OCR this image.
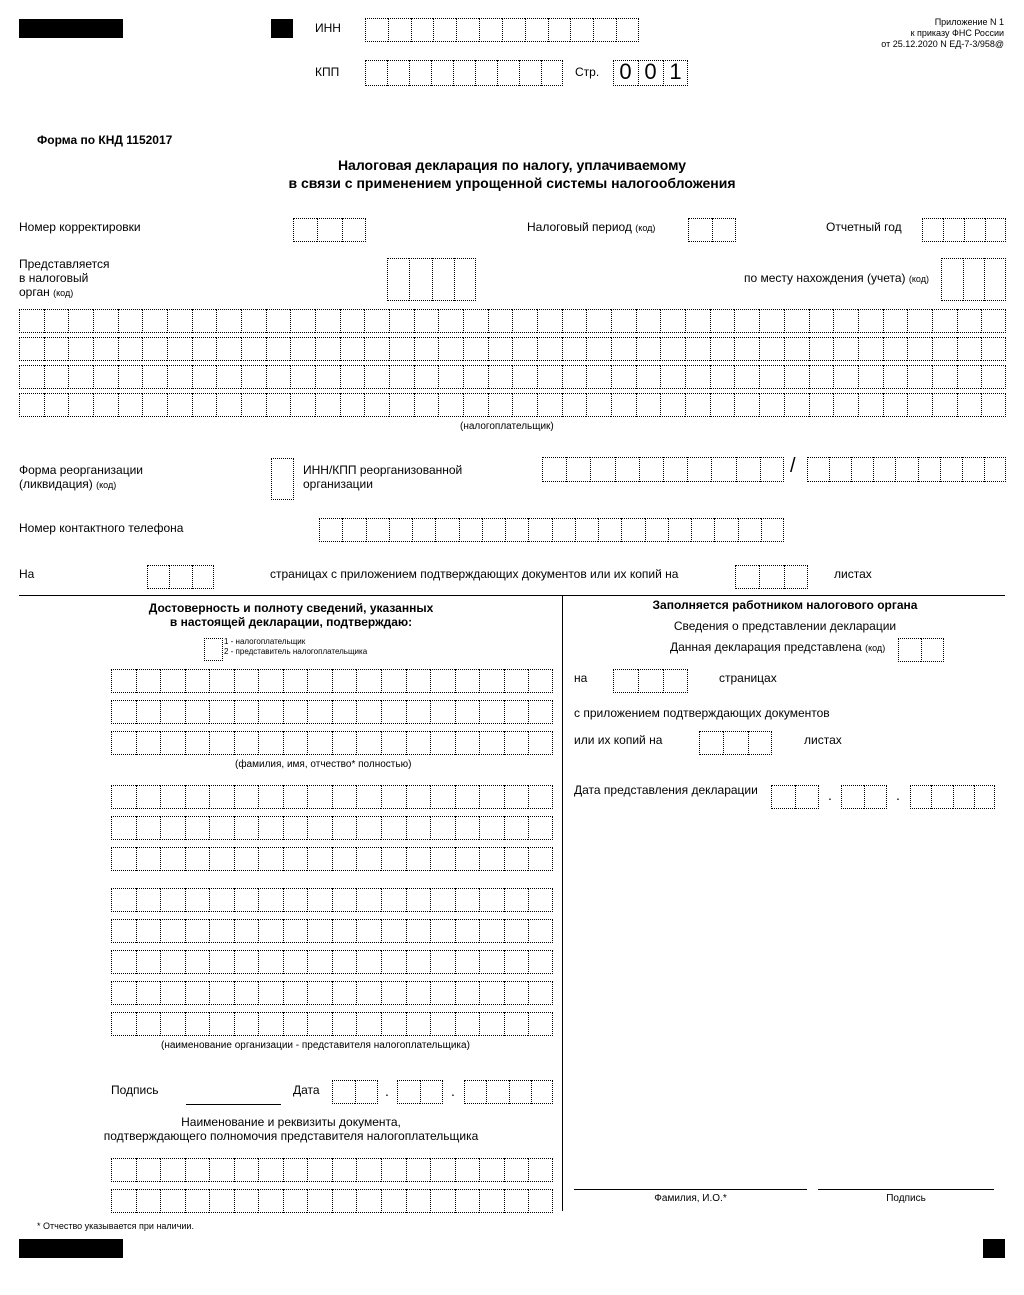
ИНН
КПП	Стр. 0 0 1
Приложение N 1
к приказу ФНС России
от 25.12.2020 N ЕД-7-3/958@
Форма по КНД 1152017
Налоговая декларация по налогу, уплачиваемому
в связи с применением упрощенной системы налогообложения
Номер корректировки	Налоговый период (код)	Отчетный год
Представляется
в налоговый
орган (код)
по месту нахождения (учета) (код)
(налогоплательщик)
Форма реорганизации
(ликвидация) (код)
ИНН/КПП реорганизованной
организации
/
Номер контактного телефона
На	страницах с приложением подтверждающих документов или их копий на	листах
Достоверность и полноту сведений, указанных
в настоящей декларации, подтверждаю:
1 - налогоплательщик
2 - представитель налогоплательщика
(фамилия, имя, отчество* полностью)
(наименование организации - представителя налогоплательщика)
Подпись	Дата	.	.
Наименование и реквизиты документа,
подтверждающего полномочия представителя налогоплательщика
* Отчество указывается при наличии.
Заполняется работником налогового органа
Сведения о представлении декларации
Данная декларация представлена (код)
на	страницах
с приложением подтверждающих документов
или их копий на	листах
Дата представления декларации	.	.
Фамилия, И.О.*	Подпись
